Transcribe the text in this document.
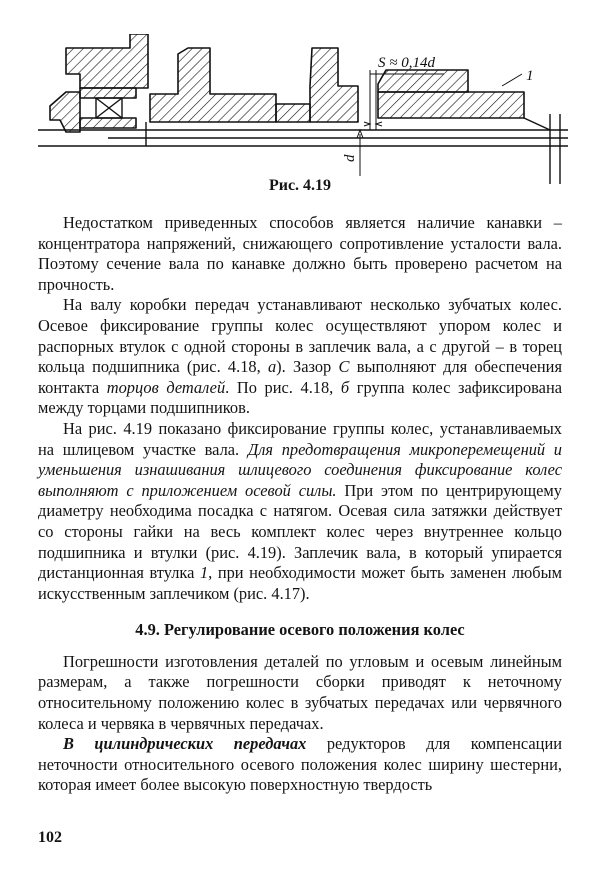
S ≈ 0,14d
1
d
Рис. 4.19

Недостатком приведенных способов является наличие канавки – концентратора напряжений, снижающего сопротивление усталости вала. Поэтому сечение вала по канавке должно быть проверено расчетом на прочность.

На валу коробки передач устанавливают несколько зубчатых колес. Осевое фиксирование группы колес осуществляют упором колес и распорных втулок с одной стороны в заплечик вала, а с другой – в торец кольца подшипника (рис. 4.18, а). Зазор С выполняют для обеспечения контакта торцов деталей. По рис. 4.18, б группа колес зафиксирована между торцами подшипников.

На рис. 4.19 показано фиксирование группы колес, устанавливаемых на шлицевом участке вала. Для предотвращения микроперемещений и уменьшения изнашивания шлицевого соединения фиксирование колес выполняют с приложением осевой силы. При этом по центрирующему диаметру необходима посадка с натягом. Осевая сила затяжки действует со стороны гайки на весь комплект колес через внутреннее кольцо подшипника и втулки (рис. 4.19). Заплечик вала, в который упирается дистанционная втулка 1, при необходимости может быть заменен любым искусственным заплечиком (рис. 4.17).

4.9. Регулирование осевого положения колес

Погрешности изготовления деталей по угловым и осевым линейным размерам, а также погрешности сборки приводят к неточному относительному положению колес в зубчатых передачах или червячного колеса и червяка в червячных передачах.

В цилиндрических передачах редукторов для компенсации неточности относительного осевого положения колес ширину шестерни, которая имеет более высокую поверхностную твердость

102
